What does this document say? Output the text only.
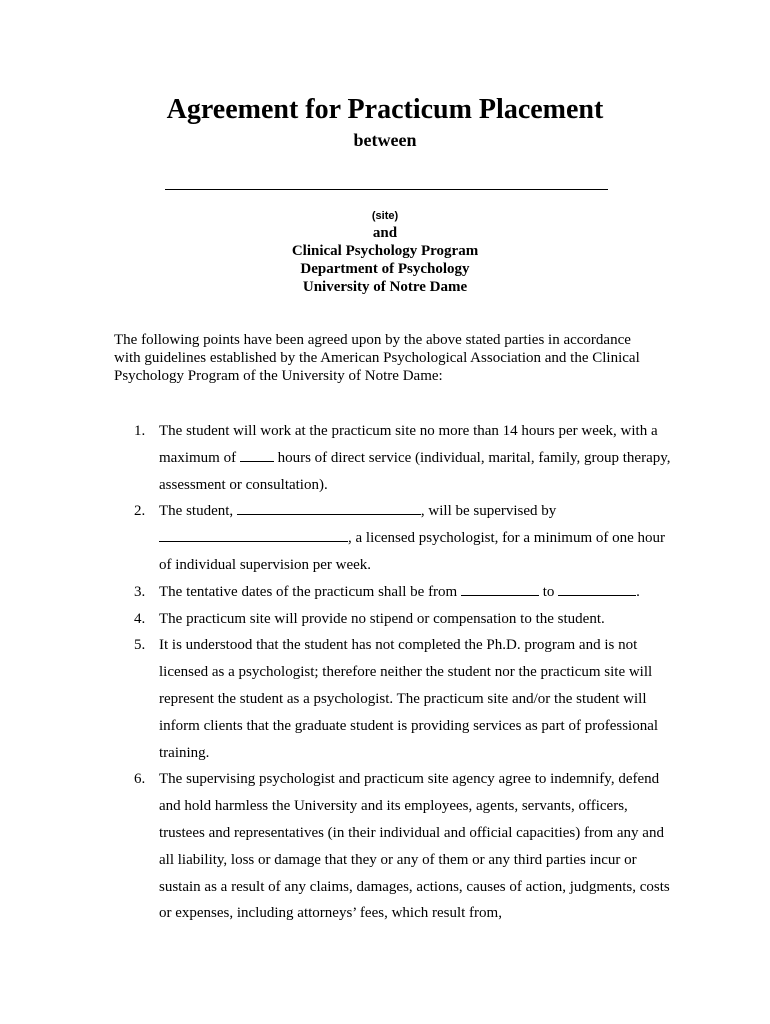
Agreement for Practicum Placement
between
(site)
and
Clinical Psychology Program
Department of Psychology
University of Notre Dame
The following points have been agreed upon by the above stated parties in accordance with guidelines established by the American Psychological Association and the Clinical Psychology Program of the University of Notre Dame:
1. The student will work at the practicum site no more than 14 hours per week, with a maximum of  hours of direct service (individual, marital, family, group therapy, assessment or consultation).
2. The student,	, will be supervised by , a licensed psychologist, for a minimum of one hour of individual supervision per week.
3. The tentative dates of the practicum shall be from	to	.
4. The practicum site will provide no stipend or compensation to the student.
5. It is understood that the student has not completed the Ph.D. program and is not licensed as a psychologist; therefore neither the student nor the practicum site will represent the student as a psychologist. The practicum site and/or the student will inform clients that the graduate student is providing services as part of professional training.
6. The supervising psychologist and practicum site agency agree to indemnify, defend and hold harmless the University and its employees, agents, servants, officers, trustees and representatives (in their individual and official capacities) from any and all liability, loss or damage that they or any of them or any third parties incur or sustain as a result of any claims, damages, actions, causes of action, judgments, costs or expenses, including attorneys’ fees, which result from,
